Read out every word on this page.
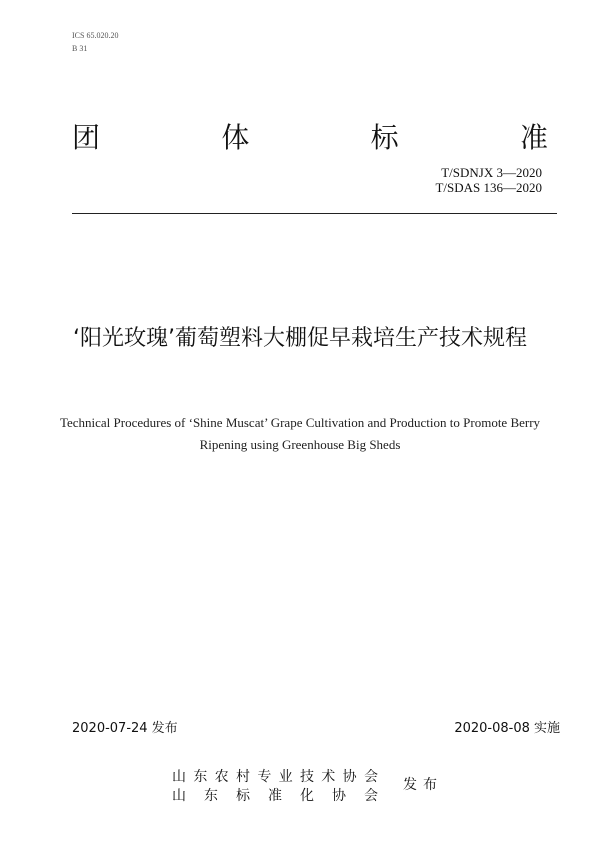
ICS 65.020.20
B 31
团	体	标	准
T/SDNJX 3—2020
T/SDAS 136—2020
‘阳光玫瑰’葡萄塑料大棚促早栽培生产技术规程
Technical Procedures of ‘Shine Muscat’ Grape Cultivation and Production to Promote Berry Ripening using Greenhouse Big Sheds
2020-07-24 发布	2020-08-08 实施
山 东 农 村 专 业 技 术 协 会
山 东 标 准 化 协 会
发布
